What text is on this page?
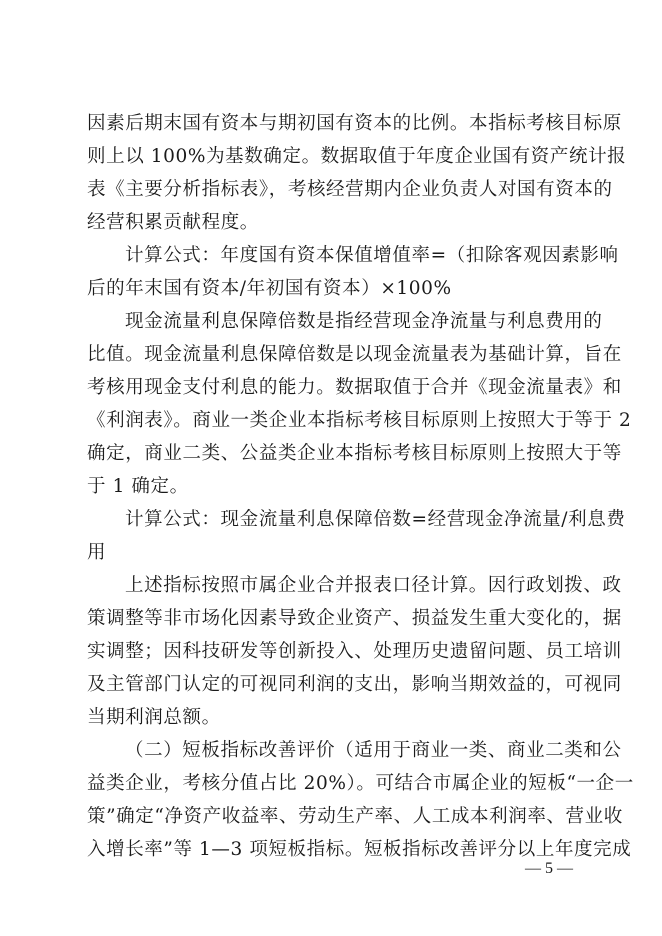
因素后期末国有资本与期初国有资本的比例。本指标考核目标原
则上以 100%为基数确定。数据取值于年度企业国有资产统计报
表《主要分析指标表》，考核经营期内企业负责人对国有资本的
经营积累贡献程度。
计算公式：年度国有资本保值增值率=（扣除客观因素影响
后的年末国有资本/年初国有资本）×100%
现金流量利息保障倍数是指经营现金净流量与利息费用的
比值。现金流量利息保障倍数是以现金流量表为基础计算，旨在
考核用现金支付利息的能力。数据取值于合并《现金流量表》和
《利润表》。商业一类企业本指标考核目标原则上按照大于等于 2
确定，商业二类、公益类企业本指标考核目标原则上按照大于等
于 1 确定。
计算公式：现金流量利息保障倍数=经营现金净流量/利息费
用
上述指标按照市属企业合并报表口径计算。因行政划拨、政
策调整等非市场化因素导致企业资产、损益发生重大变化的，据
实调整；因科技研发等创新投入、处理历史遗留问题、员工培训
及主管部门认定的可视同利润的支出，影响当期效益的，可视同
当期利润总额。
（二）短板指标改善评价（适用于商业一类、商业二类和公
益类企业，考核分值占比 20%）。可结合市属企业的短板“一企一
策”确定“净资产收益率、劳动生产率、人工成本利润率、营业收
入增长率”等 1—3 项短板指标。短板指标改善评分以上年度完成
— 5 —
